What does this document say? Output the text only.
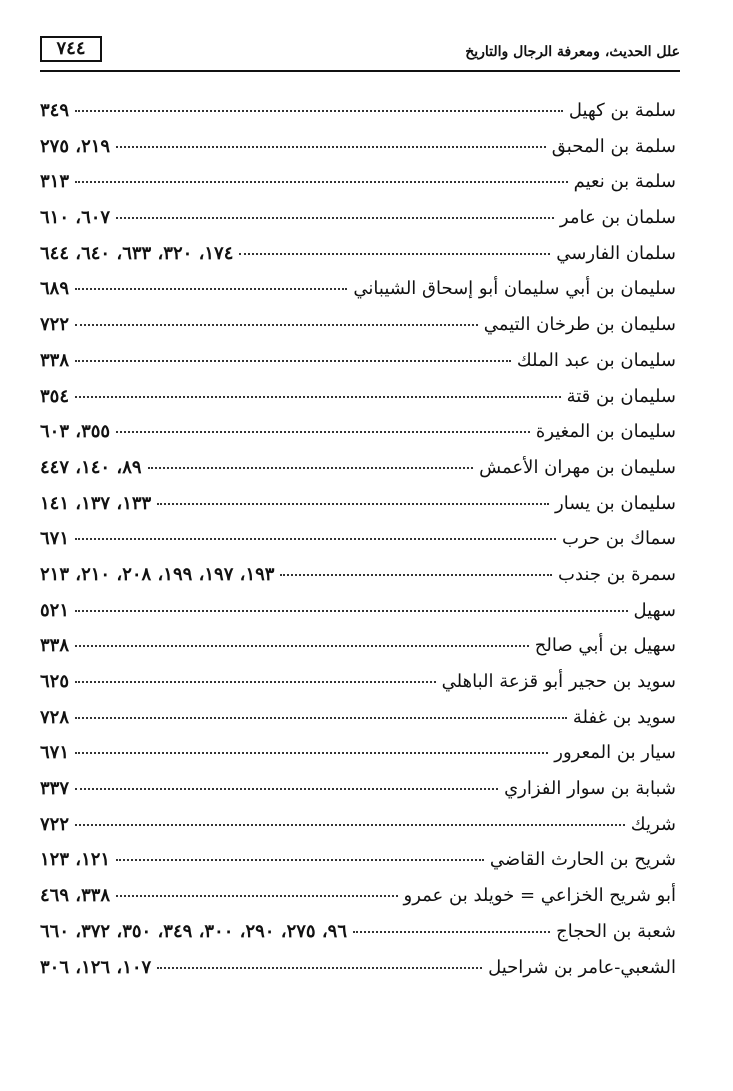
علل الحديث، ومعرفة الرجال والتاريخ
٧٤٤
سلمة بن كهيل
٣٤٩
سلمة بن المحبق
٢١٩، ٢٧٥
سلمة بن نعيم
٣١٣
سلمان بن عامر
٦٠٧، ٦١٠
سلمان الفارسي
١٧٤، ٣٢٠، ٦٣٣، ٦٤٠، ٦٤٤
سليمان بن أبي سليمان أبو إسحاق الشيباني
٦٨٩
سليمان بن طرخان التيمي
٧٢٢
سليمان بن عبد الملك
٣٣٨
سليمان بن قتة
٣٥٤
سليمان بن المغيرة
٣٥٥، ٦٠٣
سليمان بن مهران الأعمش
٨٩، ١٤٠، ٤٤٧
سليمان بن يسار
١٣٣، ١٣٧، ١٤١
سماك بن حرب
٦٧١
سمرة بن جندب
١٩٣، ١٩٧، ١٩٩، ٢٠٨، ٢١٠، ٢١٣
سهيل
٥٢١
سهيل بن أبي صالح
٣٣٨
سويد بن حجير أبو قزعة الباهلي
٦٢٥
سويد بن غفلة
٧٢٨
سيار بن المعرور
٦٧١
شبابة بن سوار الفزاري
٣٣٧
شريك
٧٢٢
شريح بن الحارث القاضي
١٢١، ١٢٣
أبو شريح الخزاعي = خويلد بن عمرو
٣٣٨، ٤٦٩
شعبة بن الحجاج
٩٦، ٢٧٥، ٢٩٠، ٣٠٠، ٣٤٩، ٣٥٠، ٣٧٢، ٦٦٠
الشعبي-عامر بن شراحيل
١٠٧، ١٢٦، ٣٠٦
